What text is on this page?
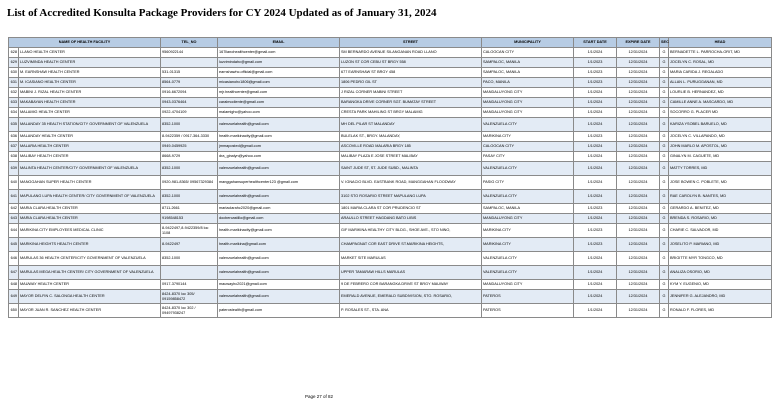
List of Accredited Konsulta Package Providers for CY 2024 Updated as of January 31, 2024
NAME OF HEALTH FACILITY		TEL_NO	EMAIL	STREET	MUNICIPALITY	START DATE	EXPIRE DATE	SEC	HEAD
628	LLANO HEALTH CENTER	9560922144	167llanohealthcenter@gmail.com	SM BERNARDO AVENUE SILANGANAN ROAD LLANO	CALOOCAN CITY	1/1/2024	12/31/2024	G	BERNADETTE L. PARROCHA-ORIT, MD
629	LUZVIMINDA HEALTH CENTER		luzvimindahc@gmail.com	LUZON ST COR CEBU ST BRGY 558	SAMPALOC, MANILA	1/1/2023	12/31/2024	G	JOCELYN C. ROSAL, MD
630	M. EARNSHAW HEALTH CENTER	531-01315	earnshawhc.official@gmail.com	677 EARNSHAW ST BRGY 458	SAMPALOC, MANILA	1/1/2023	12/31/2024	G	MARIA CARIDA J. REGALADO
631	M. ICASIANO HEALTH CENTER	8564-0779	micasianohc1806@gmail.com	1806 PEDRO GIL ST	PACO, MANILA	1/1/2023	12/31/2024	G	ALLAN L. PURUGGANAN, MD
632	MABINI J. RIZAL HEALTH CENTER	0916-6672094	mjr.healthcenter@gmail.com	J RIZAL CORNER MABINI STREET	MANDALUYONG CITY	1/1/2024	12/31/2024	G	LOURLIE B. HERNANDEZ, MD
633	MAKABAYAN HEALTH CENTER	0943-0376464	caralmodiente@gmail.com	BARANGKA DRIVE CORNER SGT. BUMATAY STREET	MANDALUYONG CITY	1/1/2024	12/31/2024	G	CAMILLE ANNE A. MASCARDO, MD
634	MALAMIG HEALTH CENTER	0922-4704109	malamighc@yahoo.com	CRESTA PARK MAHILING ST BRGY MALAMIG	MANDALUYONG CITY	1/1/2024	12/31/2024	G	SOCORRO G. PLACER MD
635	MALANDAY 35 HEALTH STATION/CITY GOVERNMENT OF VALENZUELA	8352-1000	valenzuelahealth@gmail.com	MH DEL PILAR ST MALANDAY	VALENZUELA CITY	1/1/2024	12/31/2024	G	KARIZA YSOBEL BARUELO, MD
636	MALANDAY HEALTH CENTER	8-9422359 / 0917-364-3330	health.marikinacity@gmail.com	BULELAK ST., BRGY. MALANDAY,	MARIKINA CITY	1/1/2023	12/31/2024	G	JOCELYN C. VILLAPANDO, MD
637	MALARIA HEALTH CENTER	0949-0459925	jmmaposted@gmail.com	ASCOVILLE ROAD MALARIA BRGY 185	CALOOCAN CITY	1/1/2024	12/31/2024	G	JOHN MARLO M. APOSTOL, MD
638	MALIBAY HEALTH CENTER	8668-9729	dra_ginalyn@yahoo.com	MALIBAY PLAZA E JOSE STREET MALIBAY	PASAY CITY	1/1/2024	12/31/2024	G	GINALYN M. CAGUETE, MD
639	MALINTA HEALTH CENTER/CITY GOVERNMENT OF VALENZUELA	8352-1000	valenzuelahealth@gmail.com	SAINT JUDE ST, ST. JUDE SUBD., MALINTA	VALENZUELA CITY	1/1/2024	12/31/2024	G	MATTY TORRES, MD
640	MANGGAHAN SUPER HEALTH CENTER	0920-981-8365/ 09567329384	manggahansuperhealthcenter123 @gmail.com	V. IGNACIO BLVD. EASTBANK ROAD, MANGGAHAN FLOODWAY	PASIG CITY	1/1/2024	12/31/2024	G	JOSE BOWEN C. POBLETE, MD
641	MAPULANG LUPA HEALTH CENTER/ CITY GOVERNMENT OF VALENZUELA	8352-1000	valenzuelahealth@gmail.com	3102 STO ROSARIO STREET MAPULANG LUPA	VALENZUELA CITY	1/1/2024	12/31/2024	G	RAE CAROLYN B. NANTES, MD
642	MARIA CLARA HEALTH CENTER	8711-2661	mariaclarahc2020@gmail.com	1801 MARIA CLARA ST COR PRUDENCIO ST	SAMPALOC, MANILA	1/1/2023	12/31/2024	G	GERARDO A. BENITEZ, MD
643	MARIA CLARA HEALTH CENTER	9198548153	docbercastillo@gmail.com	ARAULLO STREET HAGDANG BATO LIBIS	MANDALUYONG CITY	1/1/2024	12/31/2024	G	BRENDA S. ROSARIO, MD
644	MARIKINA CITY EMPLOYEES MEDICAL CLINIC	8-9422497,8-9422359/8 loc 1108	health.marikinacity@gmail.com	G/F MARIKINA HEALTHY CITY BLDG., SHOE AVE., STO NINO,	MARIKINA CITY	1/1/2023	12/31/2024	G	CHARIE C. SALVADOR, MD
645	MARIKINA HEIGHTS HEALTH CENTER	8-9422497	health.marikina@gmail.com	CHAMPAGNAT COR EAST DRIVE ST.MARIKINA HEIGHTS,	MARIKINA CITY	1/1/2023	12/31/2024	G	JOSELITO P. MARIANO, MD
646	MARULAS 36 HEALTH CENTER/CITY GOVERNMENT OF VALENZUELA	8352-1000	valenzuelahealth@gmail.com	MARKET SITE MARULAS	VALENZUELA CITY	1/1/2024	12/31/2024	G	BRIGITTE MYR TONGCO, MD
647	MARULAS MEGA HEALTH CENTER/ CITY GOVERNMENT OF VALENZUELA		valenzuelahealth@gmail.com	UPPER TAMARAW HILLS MARULAS	VALENZUELA CITY	1/1/2024	12/31/2024	G	ANALIZA OSORIO, MD
648	MAUWAY HEALTH CENTER	0917-3790144	mauwayhc2021@gmail.com	9 DE FEBRERO COR BARANGKA DRIVE ST BRGY MAUWAY	MANDALUYONG CITY	1/1/2024	12/31/2024	G	KYM Y. EUGENIO, MD
649	MAYOR DELFIN C. SALONGA HEALTH CENTER	8424-8370 loc 305/ 09159858472	valenzuelahealth@gmail.com	EMERALD AVENUE, EMERALD SUBDIVISION, STO. ROSARIO,	PATEROS	1/1/2024	12/31/2024	G	JENNIFER G. ALEJANDRO, MD
650	MAYOR JUAN R. SANCHEZ HEALTH CENTER	8424-8370 loc 302 / 09497938247	paterostealth@gmail.com	P. ROSALES ST., STA. ANA	PATEROS	1/1/2024	12/31/2024	G	RONALD F. FLORES, MD
Page 27 of 82
